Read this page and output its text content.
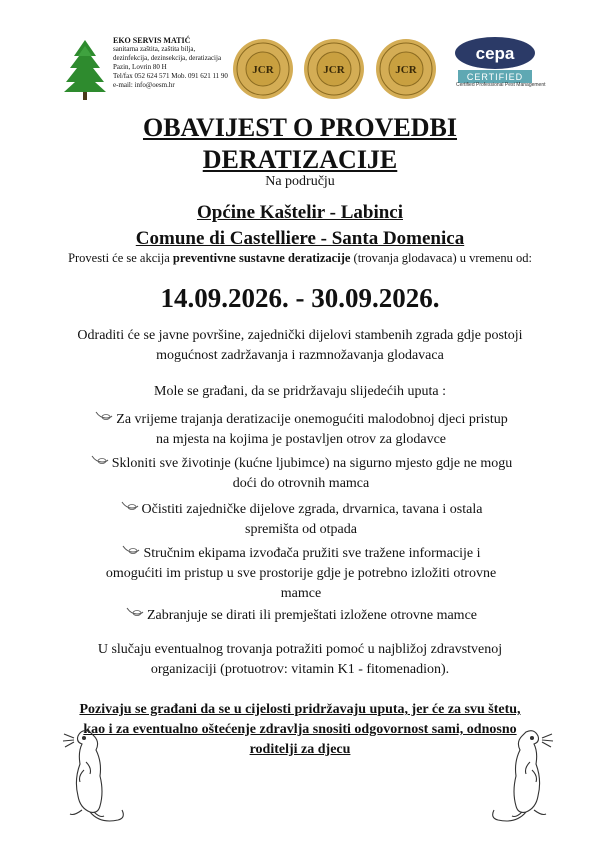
EKO SERVIS MATIĆ
sanitarna zaštita, zaštita bilja,
dezinfekcija, dezinsekcija, deratizacija
Pazin, Lovrin 80 H
Tel/fax 052 624 571 Mob. 091 621 11 90
e-mail: info@oesm.hr
JCR	JCR	JCR
cepa
CERTIFIED
Certified Professional Pest Management
OBAVIJEST O PROVEDBI
DERATIZACIJE
Na području
Općine Kaštelir - Labinci
Comune di Castelliere - Santa Domenica
Provesti će se akcija preventivne sustavne deratizacije (trovanja glodavaca) u vremenu od:
14.09.2026. - 30.09.2026.
Odraditi će se javne površine, zajednički dijelovi stambenih zgrada gdje postoji mogućnost zadržavanja i razmnožavanja glodavaca
Mole se građani, da se pridržavaju slijedećih uputa :
Za vrijeme trajanja deratizacije onemogućiti malodobnoj djeci pristup na mjesta na kojima je postavljen otrov za glodavce
Skloniti sve životinje (kućne ljubimce) na sigurno mjesto gdje ne mogu doći do otrovnih mamca
Očistiti zajedničke dijelove zgrada, drvarnica, tavana i ostala spremišta od otpada
Stručnim ekipama izvođača pružiti sve tražene informacije i omogućiti im pristup u sve prostorije gdje je potrebno izložiti otrovne mamce
Zabranjuje se dirati ili premještati izložene otrovne mamce
U slučaju eventualnog trovanja potražiti pomoć u najbližoj zdravstvenoj organizaciji (protuotrov: vitamin K1 - fitomenadion).
Pozivaju se građani da se u cijelosti pridržavaju uputa, jer će za svu štetu, kao i za eventualno oštećenje zdravlja snositi odgovornost sami, odnosno roditelji za djecu
